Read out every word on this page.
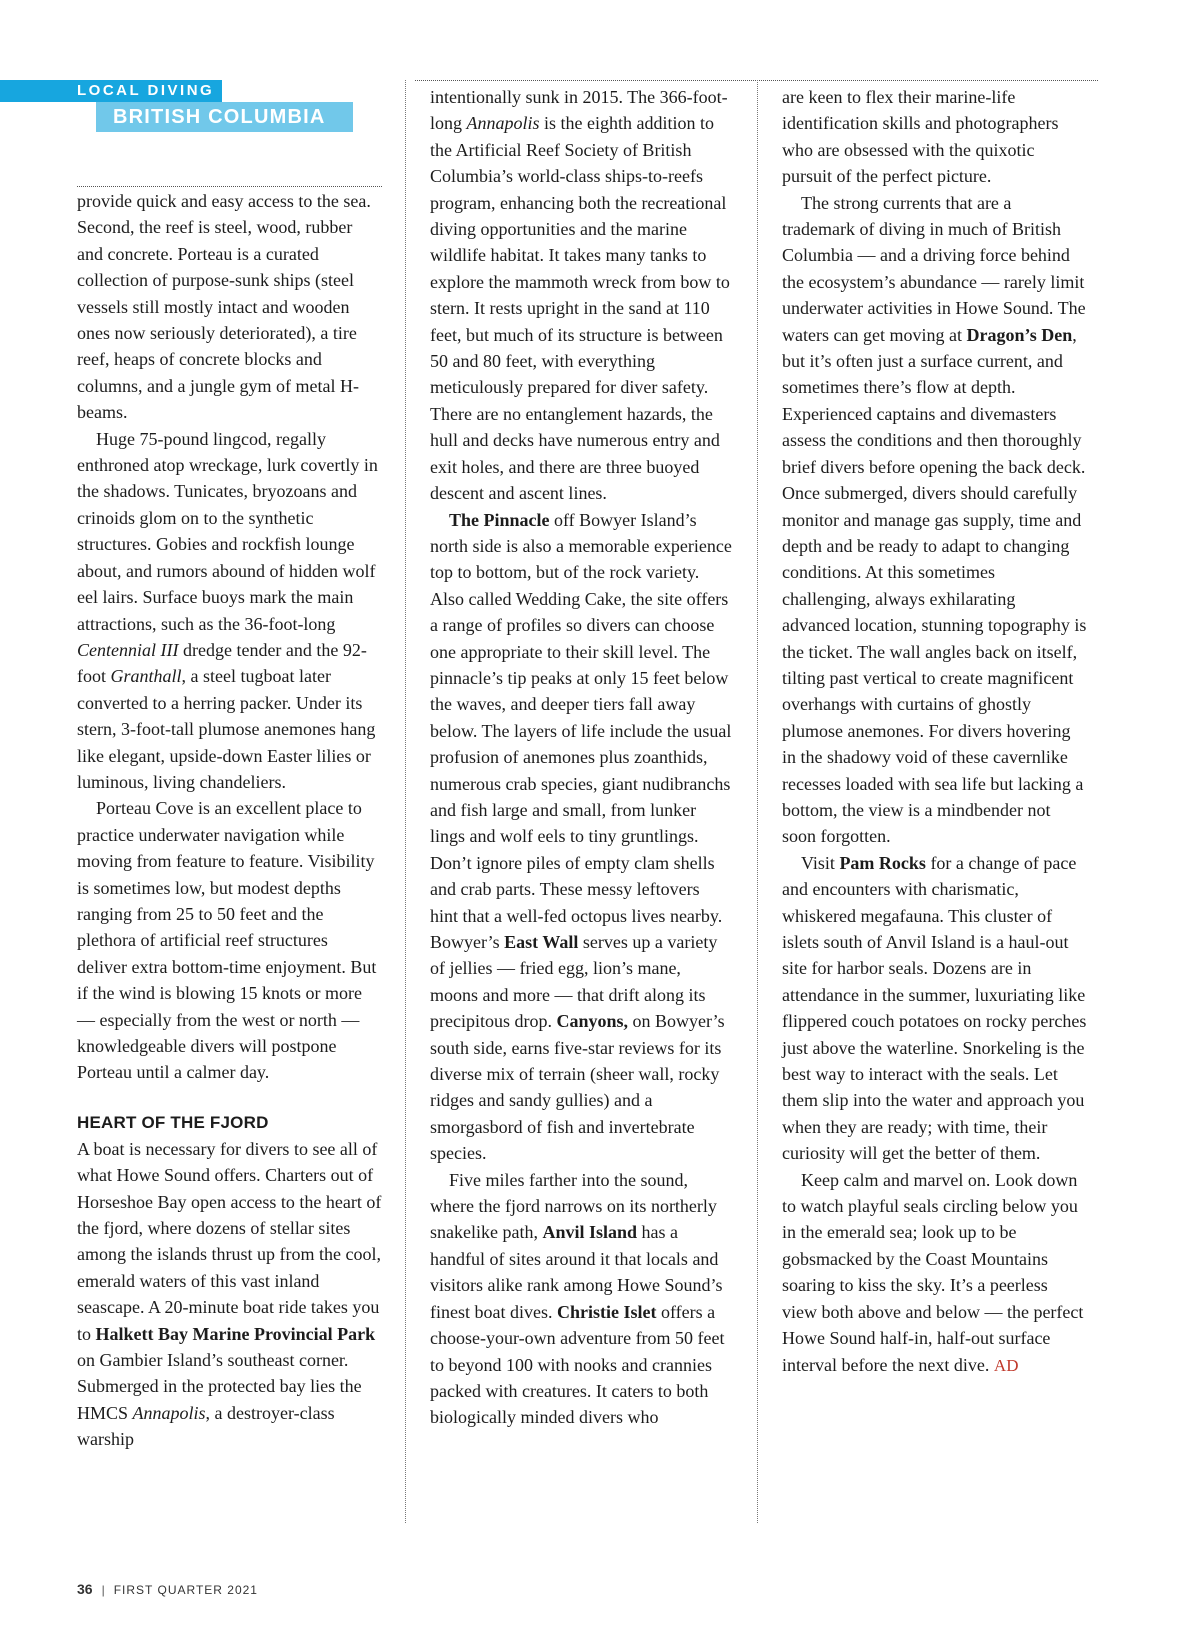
LOCAL DIVING
BRITISH COLUMBIA

provide quick and easy access to the sea. Second, the reef is steel, wood, rubber and concrete. Porteau is a curated collection of purpose-sunk ships (steel vessels still mostly intact and wooden ones now seriously deteriorated), a tire reef, heaps of concrete blocks and columns, and a jungle gym of metal H-beams.

Huge 75-pound lingcod, regally enthroned atop wreckage, lurk covertly in the shadows. Tunicates, bryozoans and crinoids glom on to the synthetic structures. Gobies and rockfish lounge about, and rumors abound of hidden wolf eel lairs. Surface buoys mark the main attractions, such as the 36-foot-long Centennial III dredge tender and the 92-foot Granthall, a steel tugboat later converted to a herring packer. Under its stern, 3-foot-tall plumose anemones hang like elegant, upside-down Easter lilies or luminous, living chandeliers.

Porteau Cove is an excellent place to practice underwater navigation while moving from feature to feature. Visibility is sometimes low, but modest depths ranging from 25 to 50 feet and the plethora of artificial reef structures deliver extra bottom-time enjoyment. But if the wind is blowing 15 knots or more — especially from the west or north — knowledgeable divers will postpone Porteau until a calmer day.

HEART OF THE FJORD

A boat is necessary for divers to see all of what Howe Sound offers. Charters out of Horseshoe Bay open access to the heart of the fjord, where dozens of stellar sites among the islands thrust up from the cool, emerald waters of this vast inland seascape. A 20-minute boat ride takes you to Halkett Bay Marine Provincial Park on Gambier Island’s southeast corner. Submerged in the protected bay lies the HMCS Annapolis, a destroyer-class warship

intentionally sunk in 2015. The 366-foot-long Annapolis is the eighth addition to the Artificial Reef Society of British Columbia’s world-class ships-to-reefs program, enhancing both the recreational diving opportunities and the marine wildlife habitat. It takes many tanks to explore the mammoth wreck from bow to stern. It rests upright in the sand at 110 feet, but much of its structure is between 50 and 80 feet, with everything meticulously prepared for diver safety. There are no entanglement hazards, the hull and decks have numerous entry and exit holes, and there are three buoyed descent and ascent lines.

The Pinnacle off Bowyer Island’s north side is also a memorable experience top to bottom, but of the rock variety. Also called Wedding Cake, the site offers a range of profiles so divers can choose one appropriate to their skill level. The pinnacle’s tip peaks at only 15 feet below the waves, and deeper tiers fall away below. The layers of life include the usual profusion of anemones plus zoanthids, numerous crab species, giant nudibranchs and fish large and small, from lunker lings and wolf eels to tiny gruntlings. Don’t ignore piles of empty clam shells and crab parts. These messy leftovers hint that a well-fed octopus lives nearby. Bowyer’s East Wall serves up a variety of jellies — fried egg, lion’s mane, moons and more — that drift along its precipitous drop. Canyons, on Bowyer’s south side, earns five-star reviews for its diverse mix of terrain (sheer wall, rocky ridges and sandy gullies) and a smorgasbord of fish and invertebrate species.

Five miles farther into the sound, where the fjord narrows on its northerly snakelike path, Anvil Island has a handful of sites around it that locals and visitors alike rank among Howe Sound’s finest boat dives. Christie Islet offers a choose-your-own adventure from 50 feet to beyond 100 with nooks and crannies packed with creatures. It caters to both biologically minded divers who

are keen to flex their marine-life identification skills and photographers who are obsessed with the quixotic pursuit of the perfect picture.

The strong currents that are a trademark of diving in much of British Columbia — and a driving force behind the ecosystem’s abundance — rarely limit underwater activities in Howe Sound. The waters can get moving at Dragon’s Den, but it’s often just a surface current, and sometimes there’s flow at depth. Experienced captains and divemasters assess the conditions and then thoroughly brief divers before opening the back deck. Once submerged, divers should carefully monitor and manage gas supply, time and depth and be ready to adapt to changing conditions. At this sometimes challenging, always exhilarating advanced location, stunning topography is the ticket. The wall angles back on itself, tilting past vertical to create magnificent overhangs with curtains of ghostly plumose anemones. For divers hovering in the shadowy void of these cavernlike recesses loaded with sea life but lacking a bottom, the view is a mindbender not soon forgotten.

Visit Pam Rocks for a change of pace and encounters with charismatic, whiskered megafauna. This cluster of islets south of Anvil Island is a haul-out site for harbor seals. Dozens are in attendance in the summer, luxuriating like flippered couch potatoes on rocky perches just above the waterline. Snorkeling is the best way to interact with the seals. Let them slip into the water and approach you when they are ready; with time, their curiosity will get the better of them.

Keep calm and marvel on. Look down to watch playful seals circling below you in the emerald sea; look up to be gobsmacked by the Coast Mountains soaring to kiss the sky. It’s a peerless view both above and below — the perfect Howe Sound half-in, half-out surface interval before the next dive. AD

36 | FIRST QUARTER 2021
